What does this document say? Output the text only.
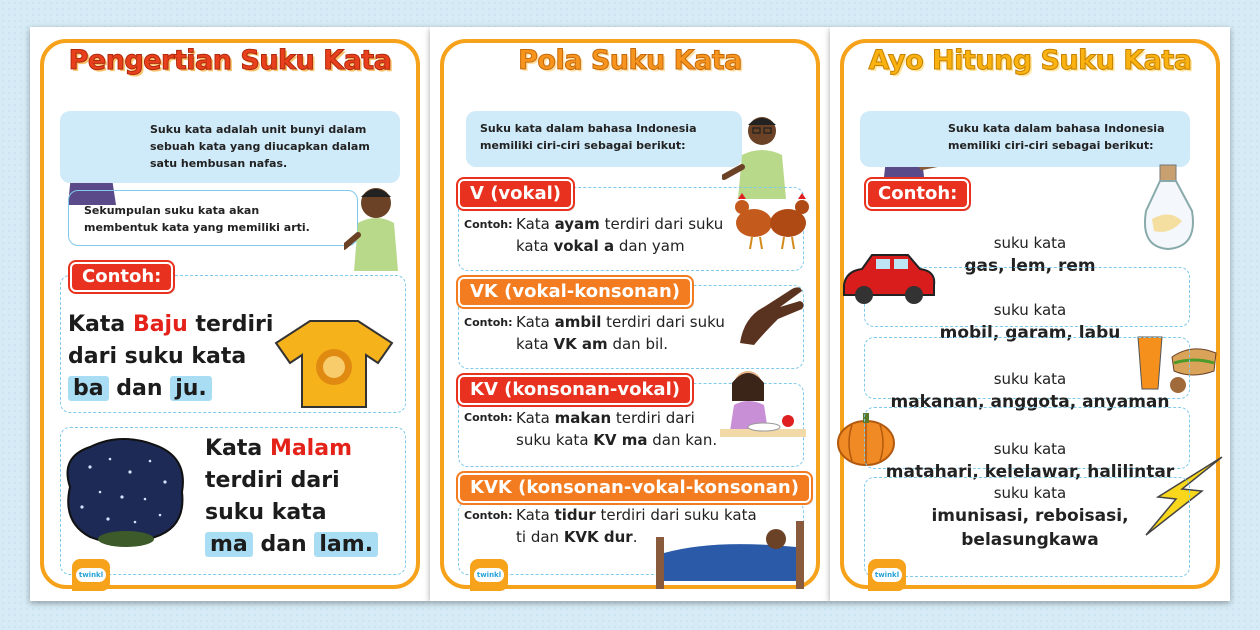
Pengertian Suku Kata
Suku kata adalah unit bunyi dalam sebuah kata yang diucapkan dalam satu hembusan nafas.
Sekumpulan suku kata akan membentuk kata yang memiliki arti.
Contoh:
Kata Baju terdiri
dari suku kata
ba dan ju.
Kata Malam
terdiri dari
suku kata
ma dan lam.
twinkl
Pola Suku Kata
Suku kata dalam bahasa Indonesia memiliki ciri-ciri sebagai berikut:
V (vokal)
Contoh: Kata ayam terdiri dari suku
kata vokal a dan yam
VK (vokal-konsonan)
Contoh: Kata ambil terdiri dari suku
kata VK am dan bil.
KV (konsonan-vokal)
Contoh: Kata makan terdiri dari
suku kata KV ma dan kan.
KVK (konsonan-vokal-konsonan)
Contoh: Kata tidur terdiri dari suku kata
ti dan KVK dur.
twinkl
Ayo Hitung Suku Kata
Suku kata dalam bahasa Indonesia memiliki ciri-ciri sebagai berikut:
Contoh:
suku kata
gas, lem, rem
suku kata
mobil, garam, labu
suku kata
makanan, anggota, anyaman
suku kata
matahari, kelelawar, halilintar
suku kata
imunisasi, reboisasi,
belasungkawa
twinkl
